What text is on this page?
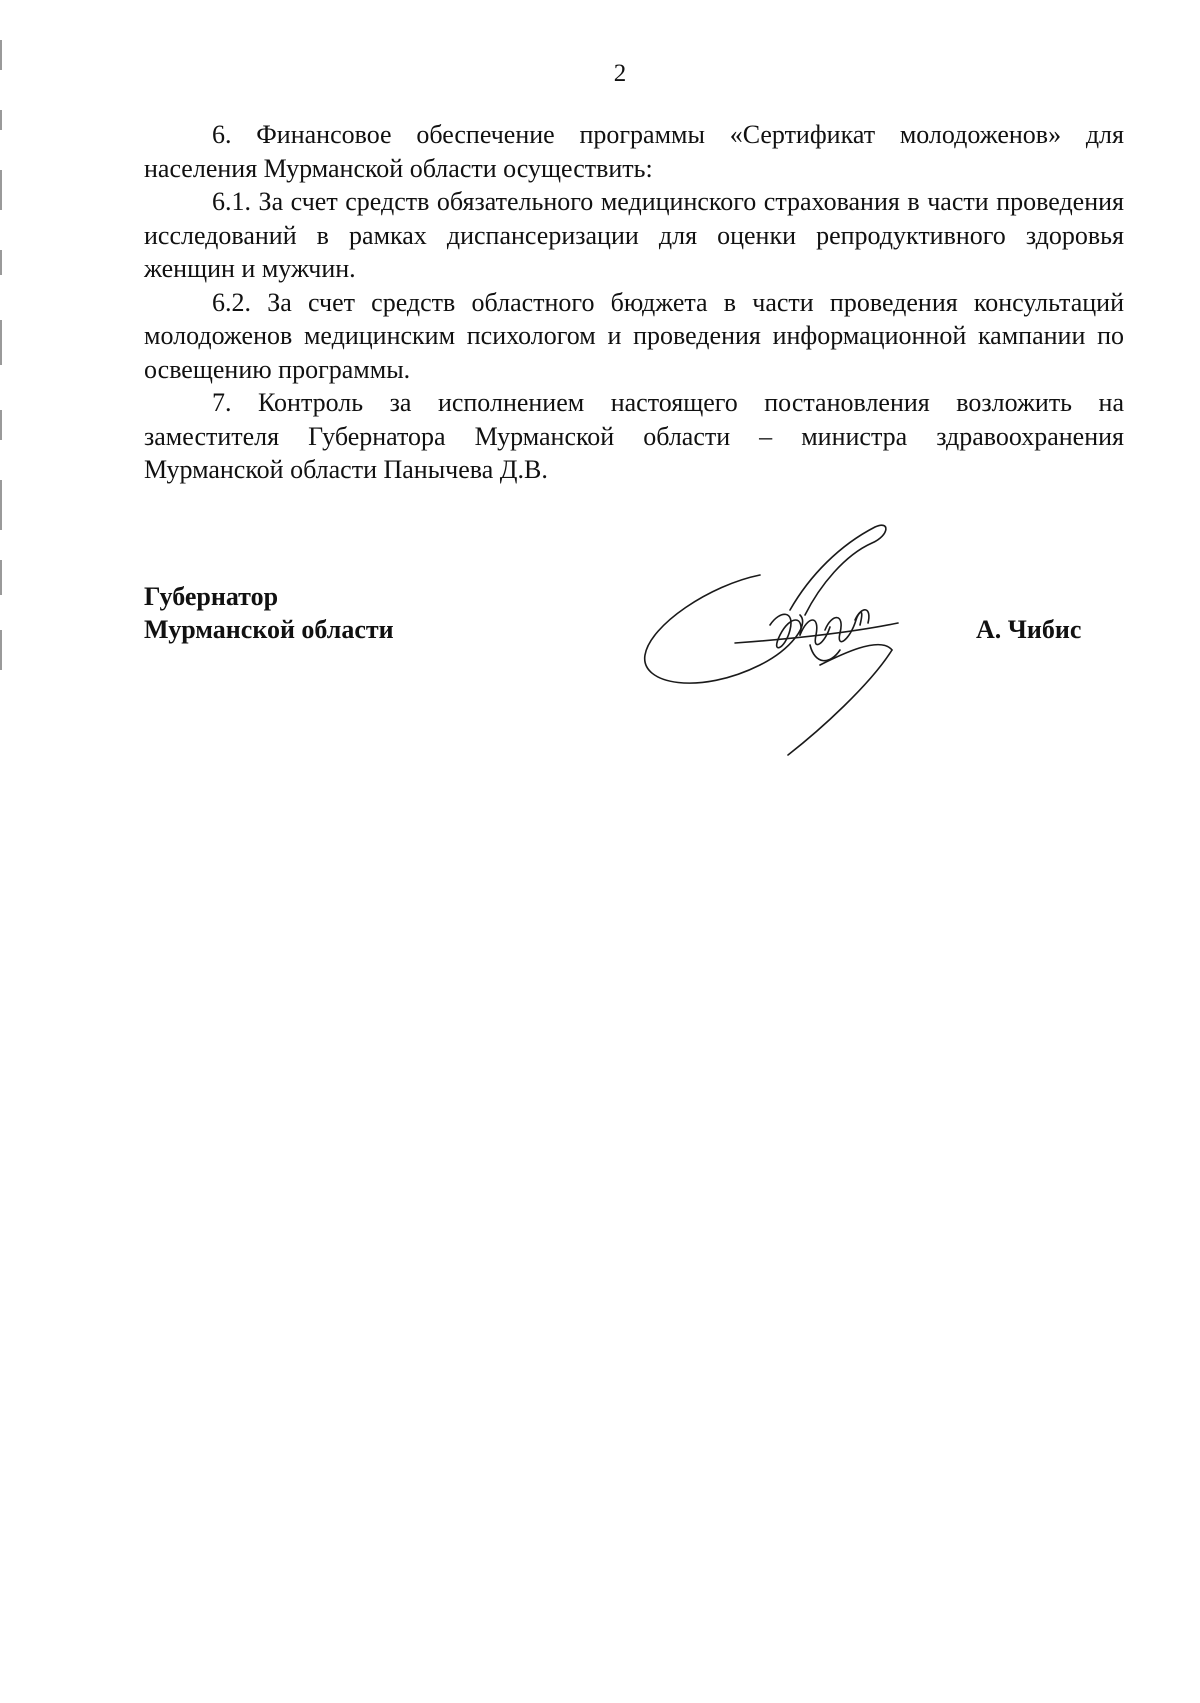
2

6. Финансовое обеспечение программы «Сертификат молодоженов» для населения Мурманской области осуществить:

6.1. За счет средств обязательного медицинского страхования в части проведения исследований в рамках диспансеризации для оценки репродуктивного здоровья женщин и мужчин.

6.2. За счет средств областного бюджета в части проведения консультаций молодоженов медицинским психологом и проведения информационной кампании по освещению программы.

7. Контроль за исполнением настоящего постановления возложить на заместителя Губернатора Мурманской области – министра здравоохранения Мурманской области Панычева Д.В.

Губернатор
Мурманской области	А. Чибис
